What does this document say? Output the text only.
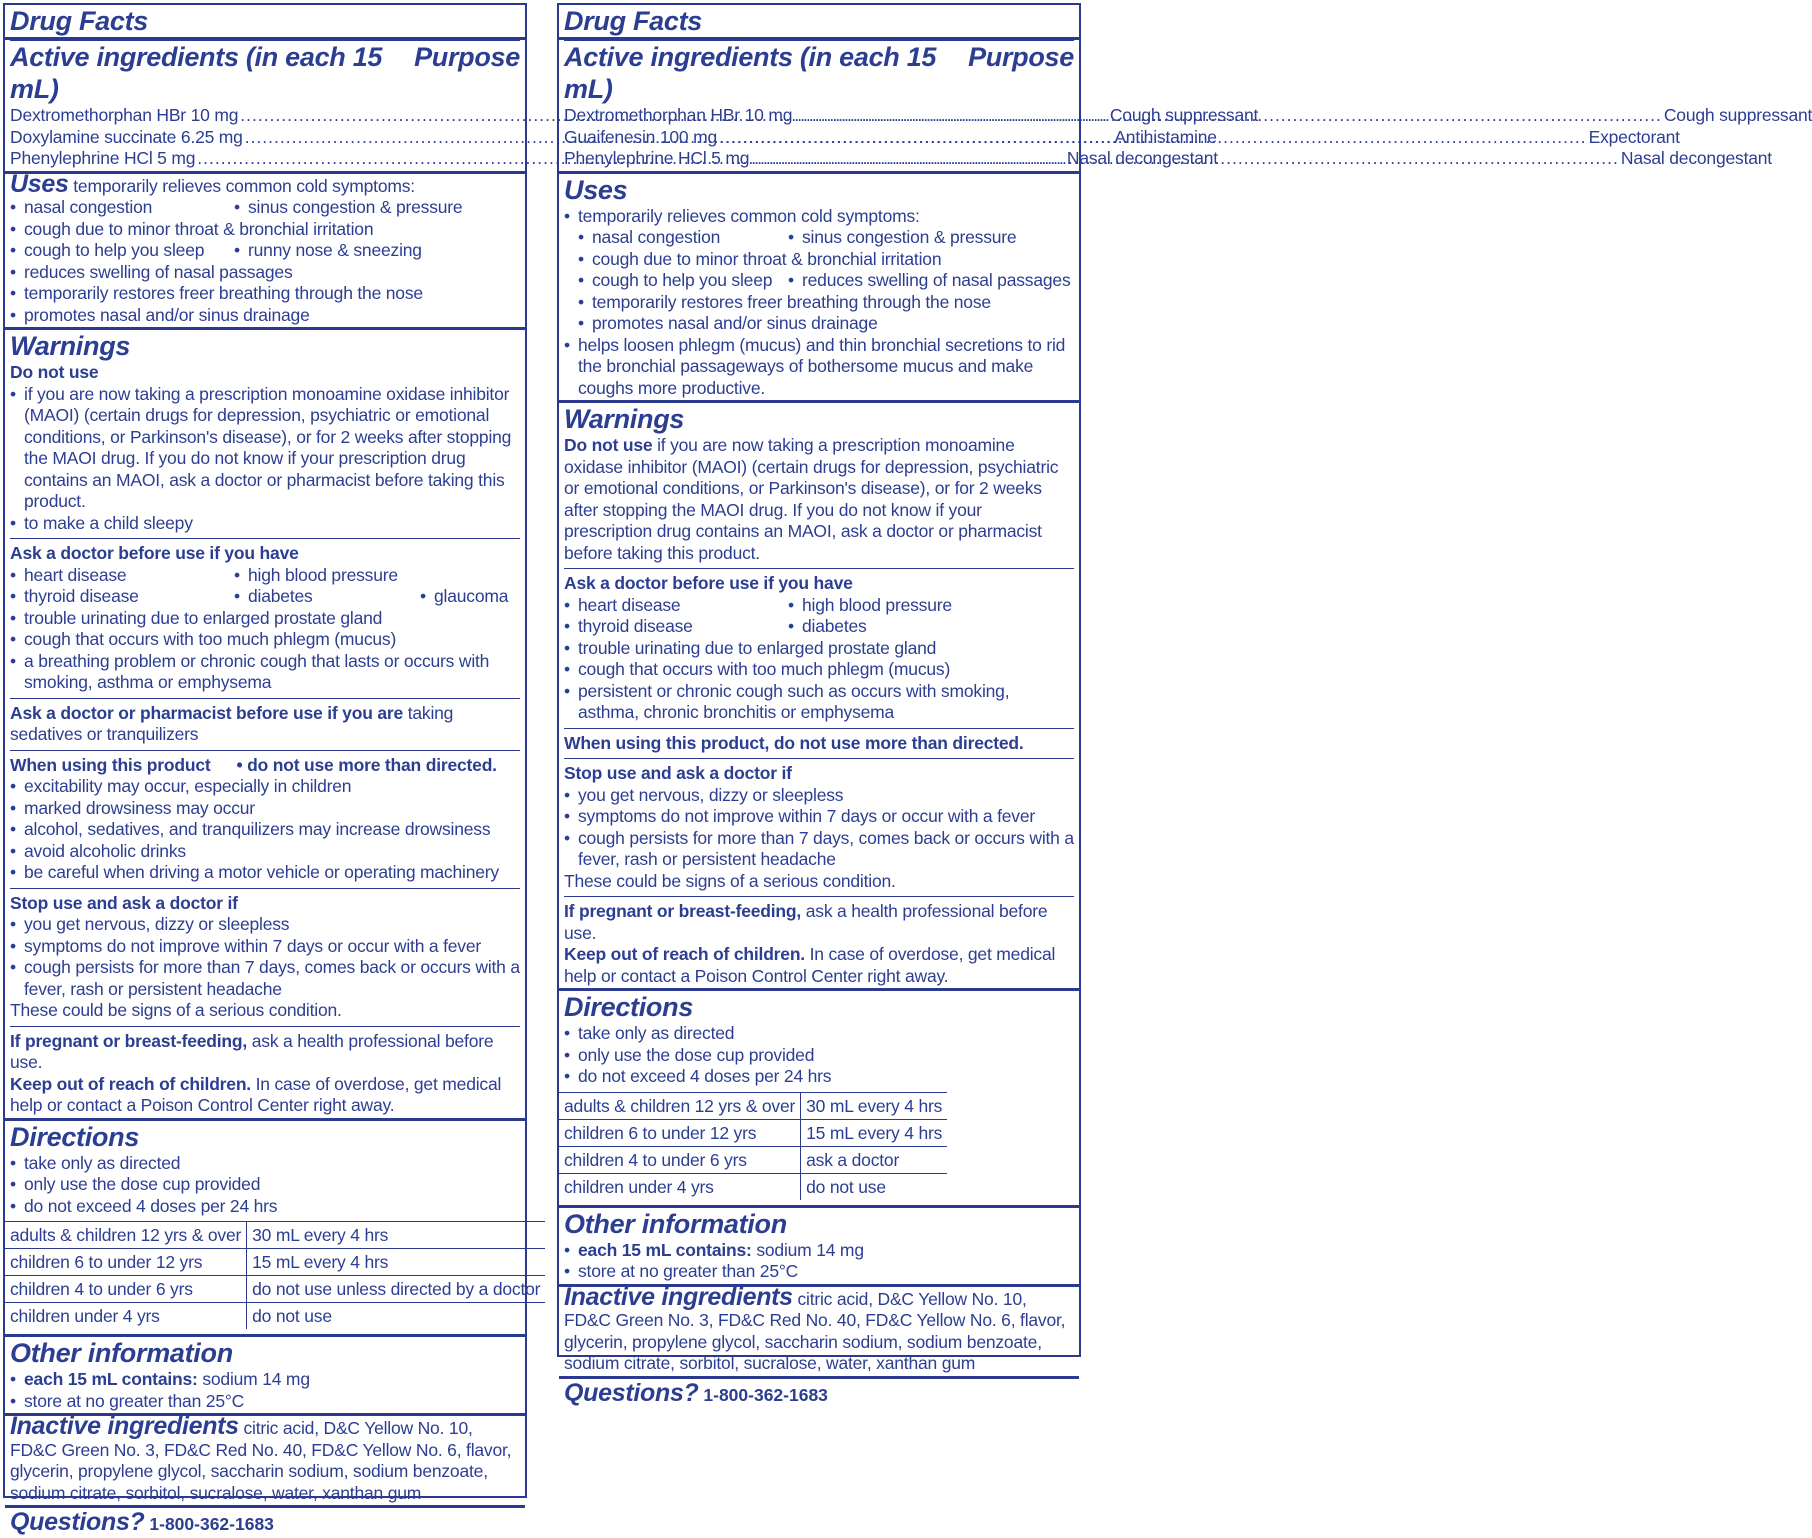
Drug Facts
Active ingredients (in each 15 mL)
Purpose
Dextromethorphan HBr 10 mg .....	Cough suppressant
Doxylamine succinate 6.25 mg .....	Antihistamine
Phenylephrine HCl 5 mg .....	Nasal decongestant
Uses temporarily relieves common cold symptoms:
• nasal congestion	• sinus congestion & pressure
• cough due to minor throat & bronchial irritation
• cough to help you sleep	• runny nose & sneezing
• reduces swelling of nasal passages
• temporarily restores freer breathing through the nose
• promotes nasal and/or sinus drainage
Warnings
Do not use
• if you are now taking a prescription monoamine oxidase inhibitor (MAOI) (certain drugs for depression, psychiatric or emotional conditions, or Parkinson's disease), or for 2 weeks after stopping the MAOI drug. If you do not know if your prescription drug contains an MAOI, ask a doctor or pharmacist before taking this product.
• to make a child sleepy
Ask a doctor before use if you have
• heart disease	• high blood pressure
• thyroid disease	• diabetes	• glaucoma
• trouble urinating due to enlarged prostate gland
• cough that occurs with too much phlegm (mucus)
• a breathing problem or chronic cough that lasts or occurs with smoking, asthma or emphysema
Ask a doctor or pharmacist before use if you are taking sedatives or tranquilizers
When using this product • do not use more than directed.
• excitability may occur, especially in children
• marked drowsiness may occur
• alcohol, sedatives, and tranquilizers may increase drowsiness
• avoid alcoholic drinks
• be careful when driving a motor vehicle or operating machinery
Stop use and ask a doctor if
• you get nervous, dizzy or sleepless
• symptoms do not improve within 7 days or occur with a fever
• cough persists for more than 7 days, comes back or occurs with a fever, rash or persistent headache
These could be signs of a serious condition.
If pregnant or breast-feeding, ask a health professional before use.
Keep out of reach of children. In case of overdose, get medical help or contact a Poison Control Center right away.
Directions
• take only as directed
• only use the dose cup provided
• do not exceed 4 doses per 24 hrs
adults & children 12 yrs & over	30 mL every 4 hrs
children 6 to under 12 yrs	15 mL every 4 hrs
children 4 to under 6 yrs	do not use unless directed by a doctor
children under 4 yrs	do not use
Other information
• each 15 mL contains: sodium 14 mg
• store at no greater than 25°C
Inactive ingredients citric acid, D&C Yellow No. 10, FD&C Green No. 3, FD&C Red No. 40, FD&C Yellow No. 6, flavor, glycerin, propylene glycol, saccharin sodium, sodium benzoate, sodium citrate, sorbitol, sucralose, water, xanthan gum
Questions? 1-800-362-1683
Drug Facts
Active ingredients (in each 15 mL)
Purpose
Dextromethorphan HBr 10 mg .....	Cough suppressant
Guaifenesin 100 mg .....	Expectorant
Phenylephrine HCl 5 mg .....	Nasal decongestant
Uses
• temporarily relieves common cold symptoms:
• nasal congestion	• sinus congestion & pressure
• cough due to minor throat & bronchial irritation
• cough to help you sleep	• reduces swelling of nasal passages
• temporarily restores freer breathing through the nose
• promotes nasal and/or sinus drainage
• helps loosen phlegm (mucus) and thin bronchial secretions to rid the bronchial passageways of bothersome mucus and make coughs more productive.
Warnings
Do not use if you are now taking a prescription monoamine oxidase inhibitor (MAOI) (certain drugs for depression, psychiatric or emotional conditions, or Parkinson's disease), or for 2 weeks after stopping the MAOI drug. If you do not know if your prescription drug contains an MAOI, ask a doctor or pharmacist before taking this product.
Ask a doctor before use if you have
• heart disease	• high blood pressure
• thyroid disease	• diabetes
• trouble urinating due to enlarged prostate gland
• cough that occurs with too much phlegm (mucus)
• persistent or chronic cough such as occurs with smoking, asthma, chronic bronchitis or emphysema
When using this product, do not use more than directed.
Stop use and ask a doctor if
• you get nervous, dizzy or sleepless
• symptoms do not improve within 7 days or occur with a fever
• cough persists for more than 7 days, comes back or occurs with a fever, rash or persistent headache
These could be signs of a serious condition.
If pregnant or breast-feeding, ask a health professional before use.
Keep out of reach of children. In case of overdose, get medical help or contact a Poison Control Center right away.
Directions
• take only as directed
• only use the dose cup provided
• do not exceed 4 doses per 24 hrs
adults & children 12 yrs & over	30 mL every 4 hrs
children 6 to under 12 yrs	15 mL every 4 hrs
children 4 to under 6 yrs	ask a doctor
children under 4 yrs	do not use
Other information
• each 15 mL contains: sodium 14 mg
• store at no greater than 25°C
Inactive ingredients citric acid, D&C Yellow No. 10, FD&C Green No. 3, FD&C Red No. 40, FD&C Yellow No. 6, flavor, glycerin, propylene glycol, saccharin sodium, sodium benzoate, sodium citrate, sorbitol, sucralose, water, xanthan gum
Questions? 1-800-362-1683
